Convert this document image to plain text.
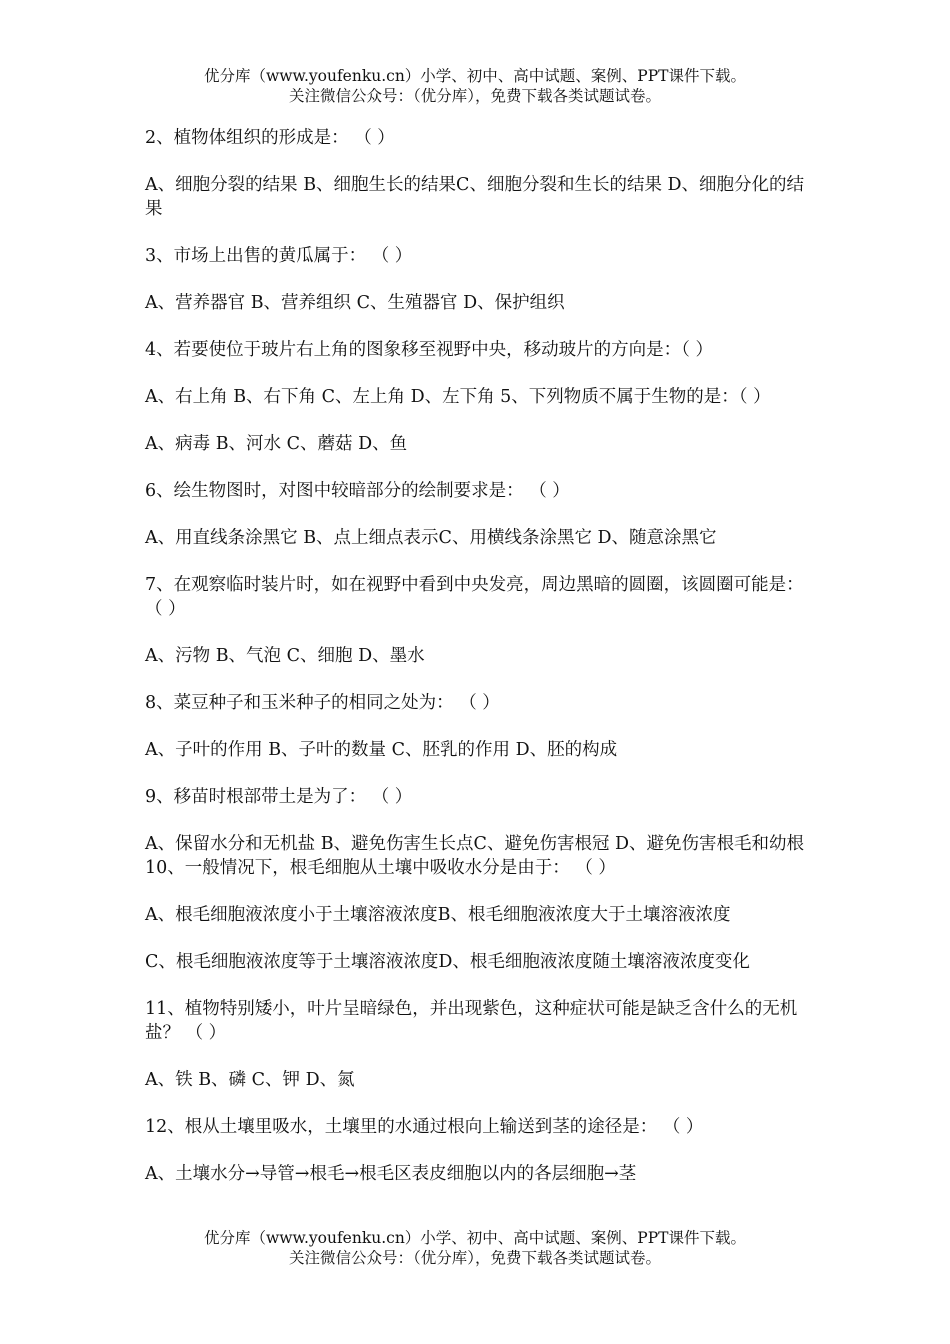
优分库（www.youfenku.cn）小学、初中、高中试题、案例、PPT课件下载。
关注微信公众号：（优分库），免费下载各类试题试卷。

2、植物体组织的形成是： （ ）

A、细胞分裂的结果 B、细胞生长的结果C、细胞分裂和生长的结果 D、细胞分化的结果

3、市场上出售的黄瓜属于： （ ）

A、营养器官 B、营养组织 C、生殖器官 D、保护组织

4、若要使位于玻片右上角的图象移至视野中央，移动玻片的方向是：（ ）

A、右上角 B、右下角 C、左上角 D、左下角 5、下列物质不属于生物的是：（ ）

A、病毒 B、河水 C、蘑菇 D、鱼

6、绘生物图时，对图中较暗部分的绘制要求是： （ ）

A、用直线条涂黑它 B、点上细点表示C、用横线条涂黑它 D、随意涂黑它

7、在观察临时装片时，如在视野中看到中央发亮，周边黑暗的圆圈，该圆圈可能是： （ ）

A、污物 B、气泡 C、细胞 D、墨水

8、菜豆种子和玉米种子的相同之处为： （ ）

A、子叶的作用 B、子叶的数量 C、胚乳的作用 D、胚的构成

9、移苗时根部带土是为了： （ ）

A、保留水分和无机盐 B、避免伤害生长点C、避免伤害根冠 D、避免伤害根毛和幼根 10、一般情况下，根毛细胞从土壤中吸收水分是由于： （ ）

A、根毛细胞液浓度小于土壤溶液浓度B、根毛细胞液浓度大于土壤溶液浓度

C、根毛细胞液浓度等于土壤溶液浓度D、根毛细胞液浓度随土壤溶液浓度变化

11、植物特别矮小，叶片呈暗绿色，并出现紫色，这种症状可能是缺乏含什么的无机盐？ （ ）

A、铁 B、磷 C、钾 D、氮

12、根从土壤里吸水，土壤里的水通过根向上输送到茎的途径是： （ ）

A、土壤水分→导管→根毛→根毛区表皮细胞以内的各层细胞→茎

优分库（www.youfenku.cn）小学、初中、高中试题、案例、PPT课件下载。
关注微信公众号：（优分库），免费下载各类试题试卷。
